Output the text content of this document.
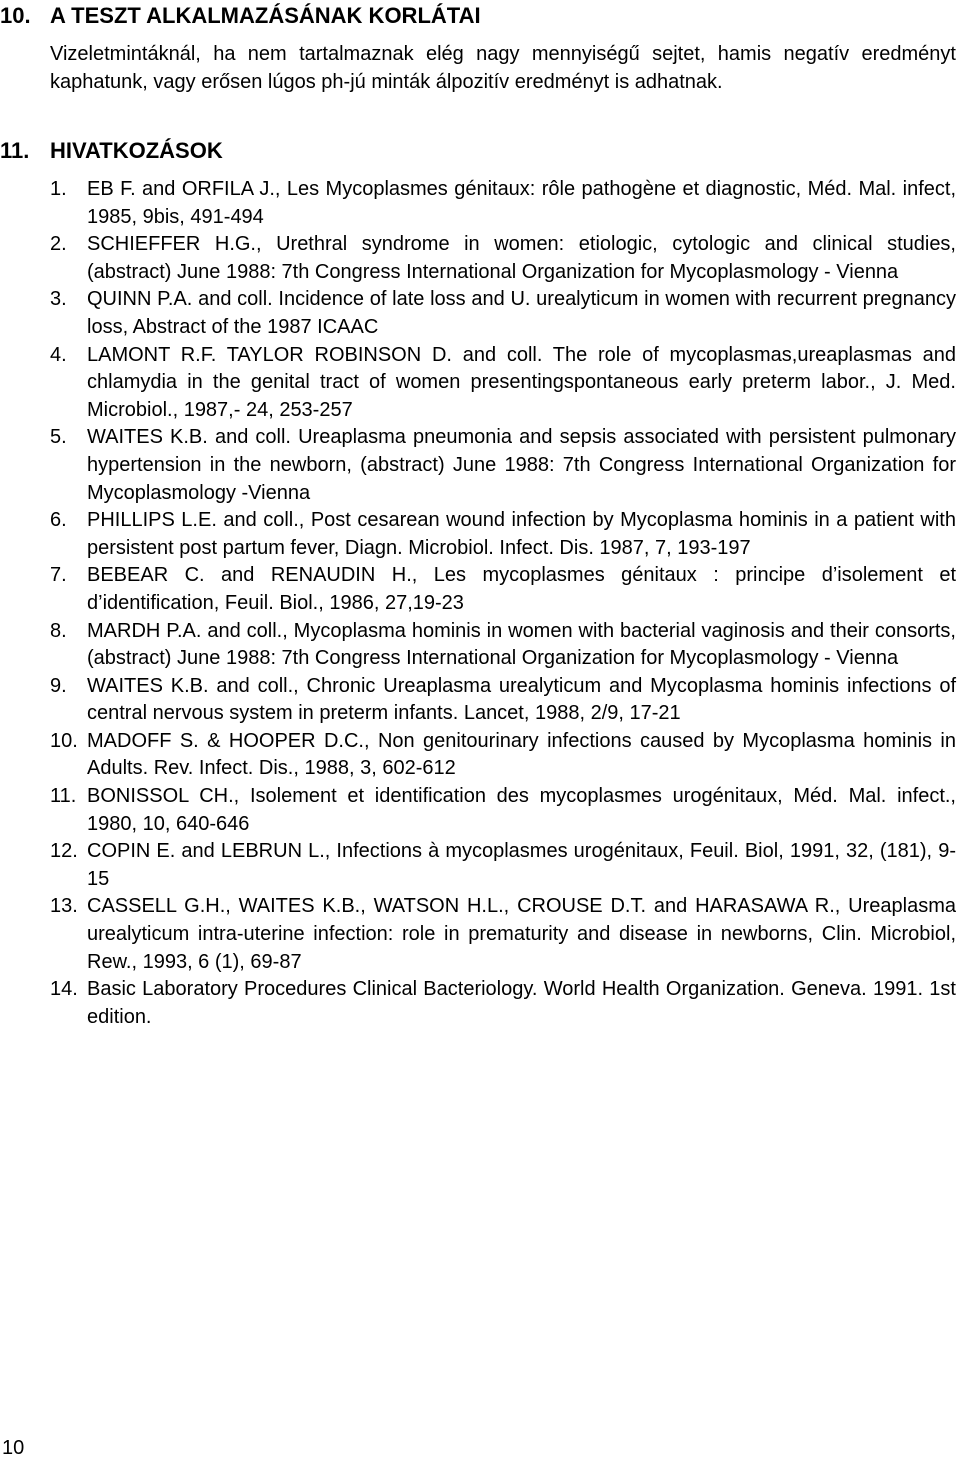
10. A TESZT ALKALMAZÁSÁNAK KORLÁTAI

Vizeletmintáknál, ha nem tartalmaznak elég nagy mennyiségű sejtet, hamis negatív eredményt kaphatunk, vagy erősen lúgos ph-jú minták álpozitív eredményt is adhatnak.

11. HIVATKOZÁSOK
1.	EB F. and ORFILA J., Les Mycoplasmes génitaux: rôle pathogène et diagnostic, Méd. Mal. infect, 1985, 9bis, 491-494
2.	SCHIEFFER H.G., Urethral syndrome in women: etiologic, cytologic and clinical studies, (abstract) June 1988: 7th Congress International Organization for Mycoplasmology - Vienna
3.	QUINN P.A. and coll. Incidence of late loss and U. urealyticum in women with recurrent pregnancy loss, Abstract of the 1987 ICAAC
4.	LAMONT R.F. TAYLOR ROBINSON D. and coll. The role of mycoplasmas,ureaplasmas and chlamydia in the genital tract of women presentingspontaneous early preterm labor., J. Med. Microbiol., 1987,- 24, 253-257
5.	WAITES K.B. and coll. Ureaplasma pneumonia and sepsis associated with persistent pulmonary hypertension in the newborn, (abstract) June 1988: 7th Congress International Organization for Mycoplasmology -Vienna
6.	PHILLIPS L.E. and coll., Post cesarean wound infection by Mycoplasma hominis in a patient with persistent post partum fever, Diagn. Microbiol. Infect. Dis. 1987, 7, 193-197
7.	BEBEAR C. and RENAUDIN H., Les mycoplasmes génitaux : principe d’isolement et d’identification, Feuil. Biol., 1986, 27,19-23
8.	MARDH P.A. and coll., Mycoplasma hominis in women with bacterial vaginosis and their consorts, (abstract) June 1988: 7th Congress International Organization for Mycoplasmology - Vienna
9.	WAITES K.B. and coll., Chronic Ureaplasma urealyticum and Mycoplasma hominis infections of central nervous system in preterm infants. Lancet, 1988, 2/9, 17-21
10. MADOFF S. & HOOPER D.C., Non genitourinary infections caused by Mycoplasma hominis in Adults. Rev. Infect. Dis., 1988, 3, 602-612
11. BONISSOL CH., Isolement et identification des mycoplasmes urogénitaux, Méd. Mal. infect., 1980, 10, 640-646
12. COPIN E. and LEBRUN L., Infections à mycoplasmes urogénitaux, Feuil. Biol, 1991, 32, (181), 9-15
13. CASSELL G.H., WAITES K.B., WATSON H.L., CROUSE D.T. and HARASAWA R., Ureaplasma urealyticum intra-uterine infection: role in prematurity and disease in newborns, Clin. Microbiol, Rew., 1993, 6 (1), 69-87
14. Basic Laboratory Procedures Clinical Bacteriology. World Health Organization. Geneva. 1991. 1st edition.
10
